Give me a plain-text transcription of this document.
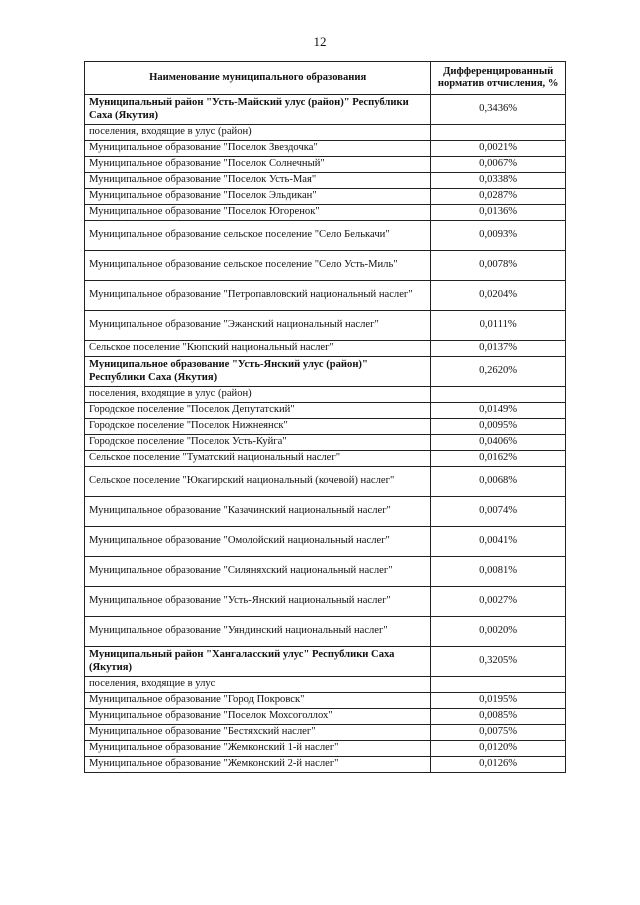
12
Наименование муниципального образования	Дифференцированный норматив отчисления, %
Муниципальный район "Усть-Майский улус (район)" Республики Саха (Якутия)	0,3436%
поселения, входящие в улус (район)	
Муниципальное образование "Поселок Звездочка"	0,0021%
Муниципальное образование "Поселок Солнечный"	0,0067%
Муниципальное образование "Поселок Усть-Мая"	0,0338%
Муниципальное образование "Поселок Эльдикан"	0,0287%
Муниципальное образование "Поселок Югоренок"	0,0136%
Муниципальное образование сельское поселение "Село Белькачи"	0,0093%
Муниципальное образование сельское поселение "Село Усть-Миль"	0,0078%
Муниципальное образование "Петропавловский национальный наслег"	0,0204%
Муниципальное образование "Эжанский национальный наслег"	0,0111%
Сельское поселение "Кюпский национальный наслег"	0,0137%
Муниципальное образование "Усть-Янский улус (район)" Республики Саха (Якутия)	0,2620%
поселения, входящие в улус (район)	
Городское поселение "Поселок Депутатский"	0,0149%
Городское поселение "Поселок Нижнеянск"	0,0095%
Городское поселение "Поселок Усть-Куйга"	0,0406%
Сельское поселение "Туматский национальный наслег"	0,0162%
Сельское поселение "Юкагирский национальный (кочевой) наслег"	0,0068%
Муниципальное образование "Казачинский национальный наслег"	0,0074%
Муниципальное образование "Омолойский национальный наслег"	0,0041%
Муниципальное образование "Силяняхский национальный наслег"	0,0081%
Муниципальное образование "Усть-Янский национальный наслег"	0,0027%
Муниципальное образование "Уяндинский национальный наслег"	0,0020%
Муниципальный район "Хангаласский улус" Республики Саха (Якутия)	0,3205%
поселения, входящие в улус	
Муниципальное образование "Город Покровск"	0,0195%
Муниципальное образование "Поселок Мохсоголлох"	0,0085%
Муниципальное образование "Бестяхский наслег"	0,0075%
Муниципальное образование "Жемконский 1-й наслег"	0,0120%
Муниципальное образование "Жемконский 2-й наслег"	0,0126%
